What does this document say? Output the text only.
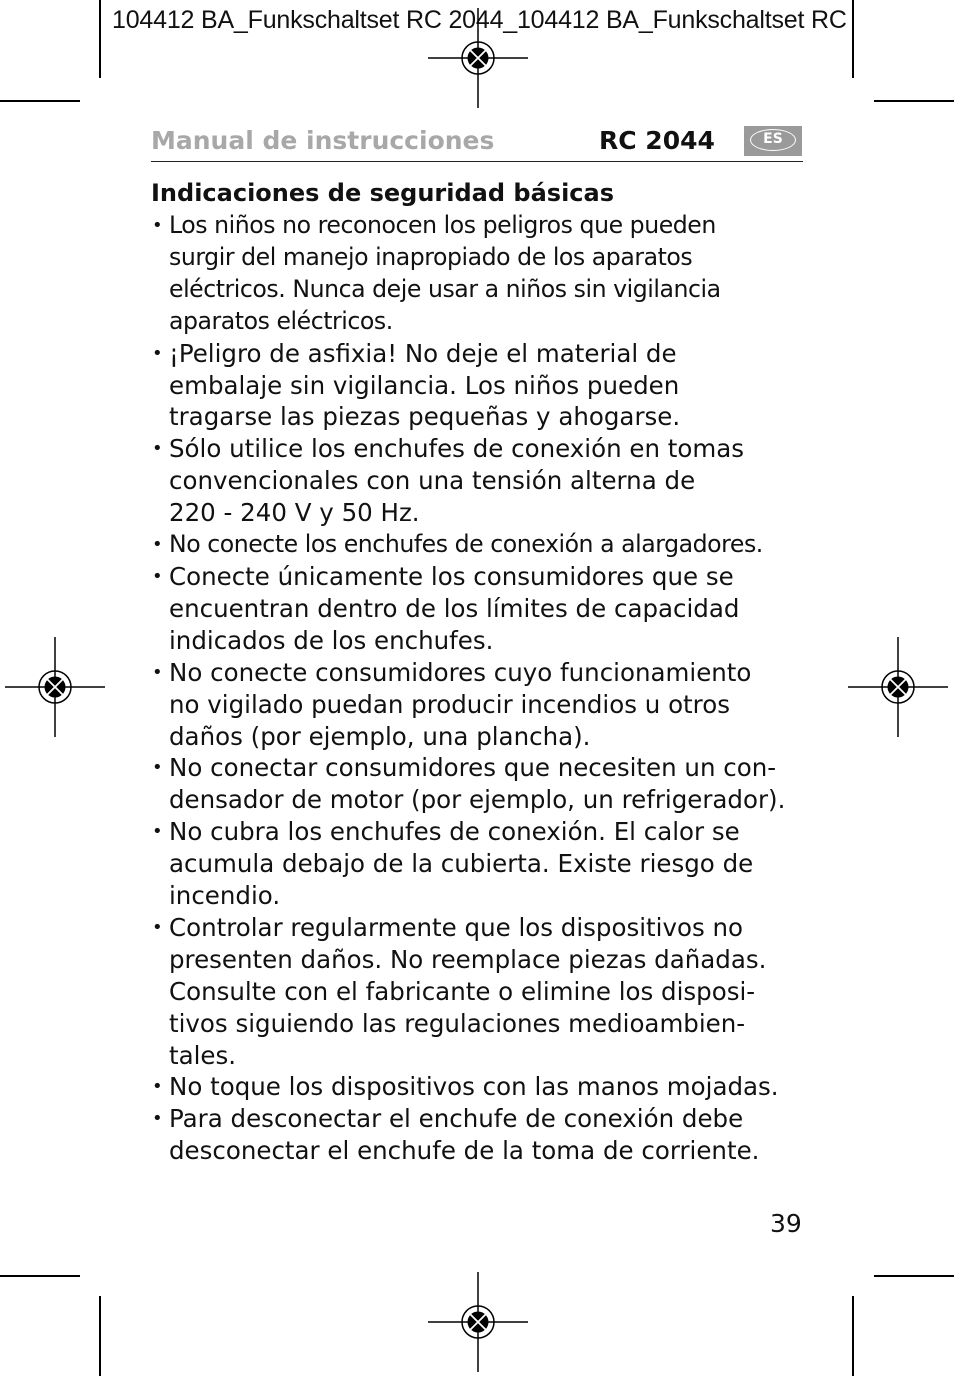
104412 BA_Funkschaltset RC 2044_104412 BA_Funkschaltset RC
Manual de instrucciones	RC 2044	ES
Indicaciones de seguridad básicas
• Los niños no reconocen los peligros que pueden
surgir del manejo inapropiado de los aparatos
eléctricos. Nunca deje usar a niños sin vigilancia
aparatos eléctricos.
• ¡Peligro de asfixia! No deje el material de
embalaje sin vigilancia. Los niños pueden
tragarse las piezas pequeñas y ahogarse.
• Sólo utilice los enchufes de conexión en tomas
convencionales con una tensión alterna de
220 - 240 V y 50 Hz.
• No conecte los enchufes de conexión a alargadores.
• Conecte únicamente los consumidores que se
encuentran dentro de los límites de capacidad
indicados de los enchufes.
• No conecte consumidores cuyo funcionamiento
no vigilado puedan producir incendios u otros
daños (por ejemplo, una plancha).
• No conectar consumidores que necesiten un con-
densador de motor (por ejemplo, un refrigerador).
• No cubra los enchufes de conexión. El calor se
acumula debajo de la cubierta. Existe riesgo de
incendio.
• Controlar regularmente que los dispositivos no
presenten daños. No reemplace piezas dañadas.
Consulte con el fabricante o elimine los disposi-
tivos siguiendo las regulaciones medioambien-
tales.
• No toque los dispositivos con las manos mojadas.
• Para desconectar el enchufe de conexión debe
desconectar el enchufe de la toma de corriente.
39
